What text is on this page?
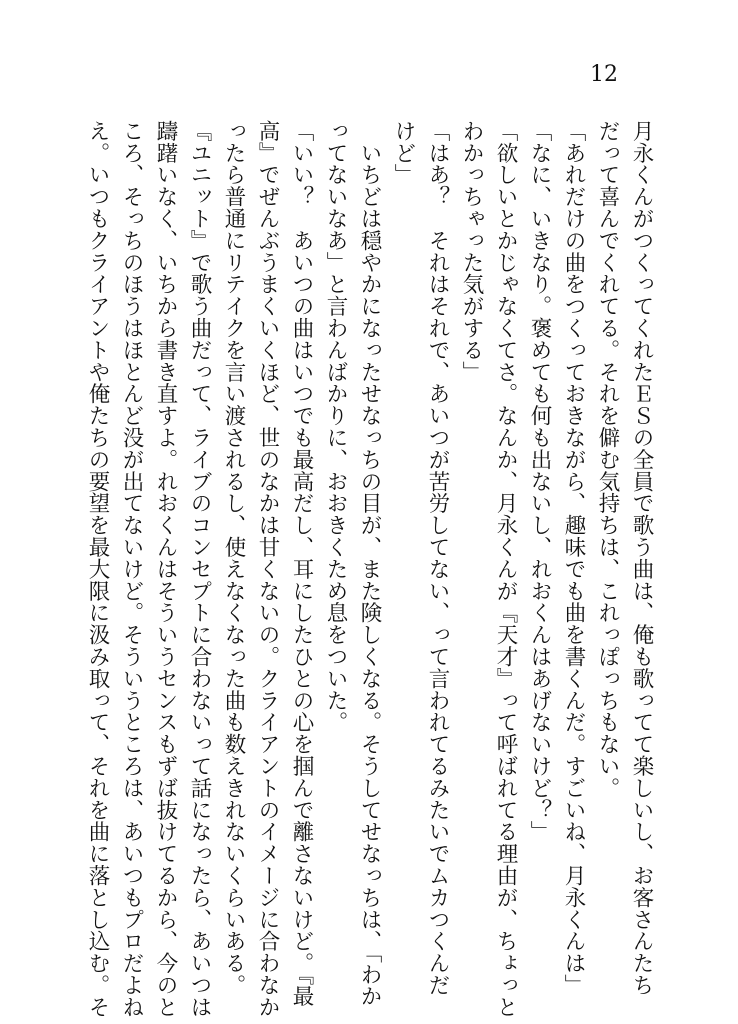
12
月永くんがつくってくれたＥＳの全員で歌う曲は、俺も歌ってて楽しいし、お客さんたち
だって喜んでくれてる。それを僻む気持ちは、これっぽっちもない。
「あれだけの曲をつくっておきながら、趣味でも曲を書くんだ。すごいね、月永くんは」
「なに、いきなり。褒めても何も出ないし、れおくんはあげないけど？」
「欲しいとかじゃなくてさ。なんか、月永くんが『天才』って呼ばれてる理由が、ちょっと
わかっちゃった気がする」
「はあ？　それはそれで、あいつが苦労してない、って言われてるみたいでムカつくんだ
けど」
　いちどは穏やかになったせなっちの目が、また険しくなる。そうしてせなっちは、「わか
ってないなあ」と言わんばかりに、おおきくため息をついた。
「いい？　あいつの曲はいつでも最高だし、耳にしたひとの心を掴んで離さないけど。『最
高』でぜんぶうまくいくほど、世のなかは甘くないの。クライアントのイメージに合わなか
ったら普通にリテイクを言い渡されるし、使えなくなった曲も数えきれないくらいある。
『ユニット』で歌う曲だって、ライブのコンセプトに合わないって話になったら、あいつは
躊躇いなく、いちから書き直すよ。れおくんはそういうセンスもずば抜けてるから、今のと
ころ、そっちのほうはほとんど没が出てないけど。そういうところは、あいつもプロだよね
え。いつもクライアントや俺たちの要望を最大限に汲み取って、それを曲に落とし込む。そ
